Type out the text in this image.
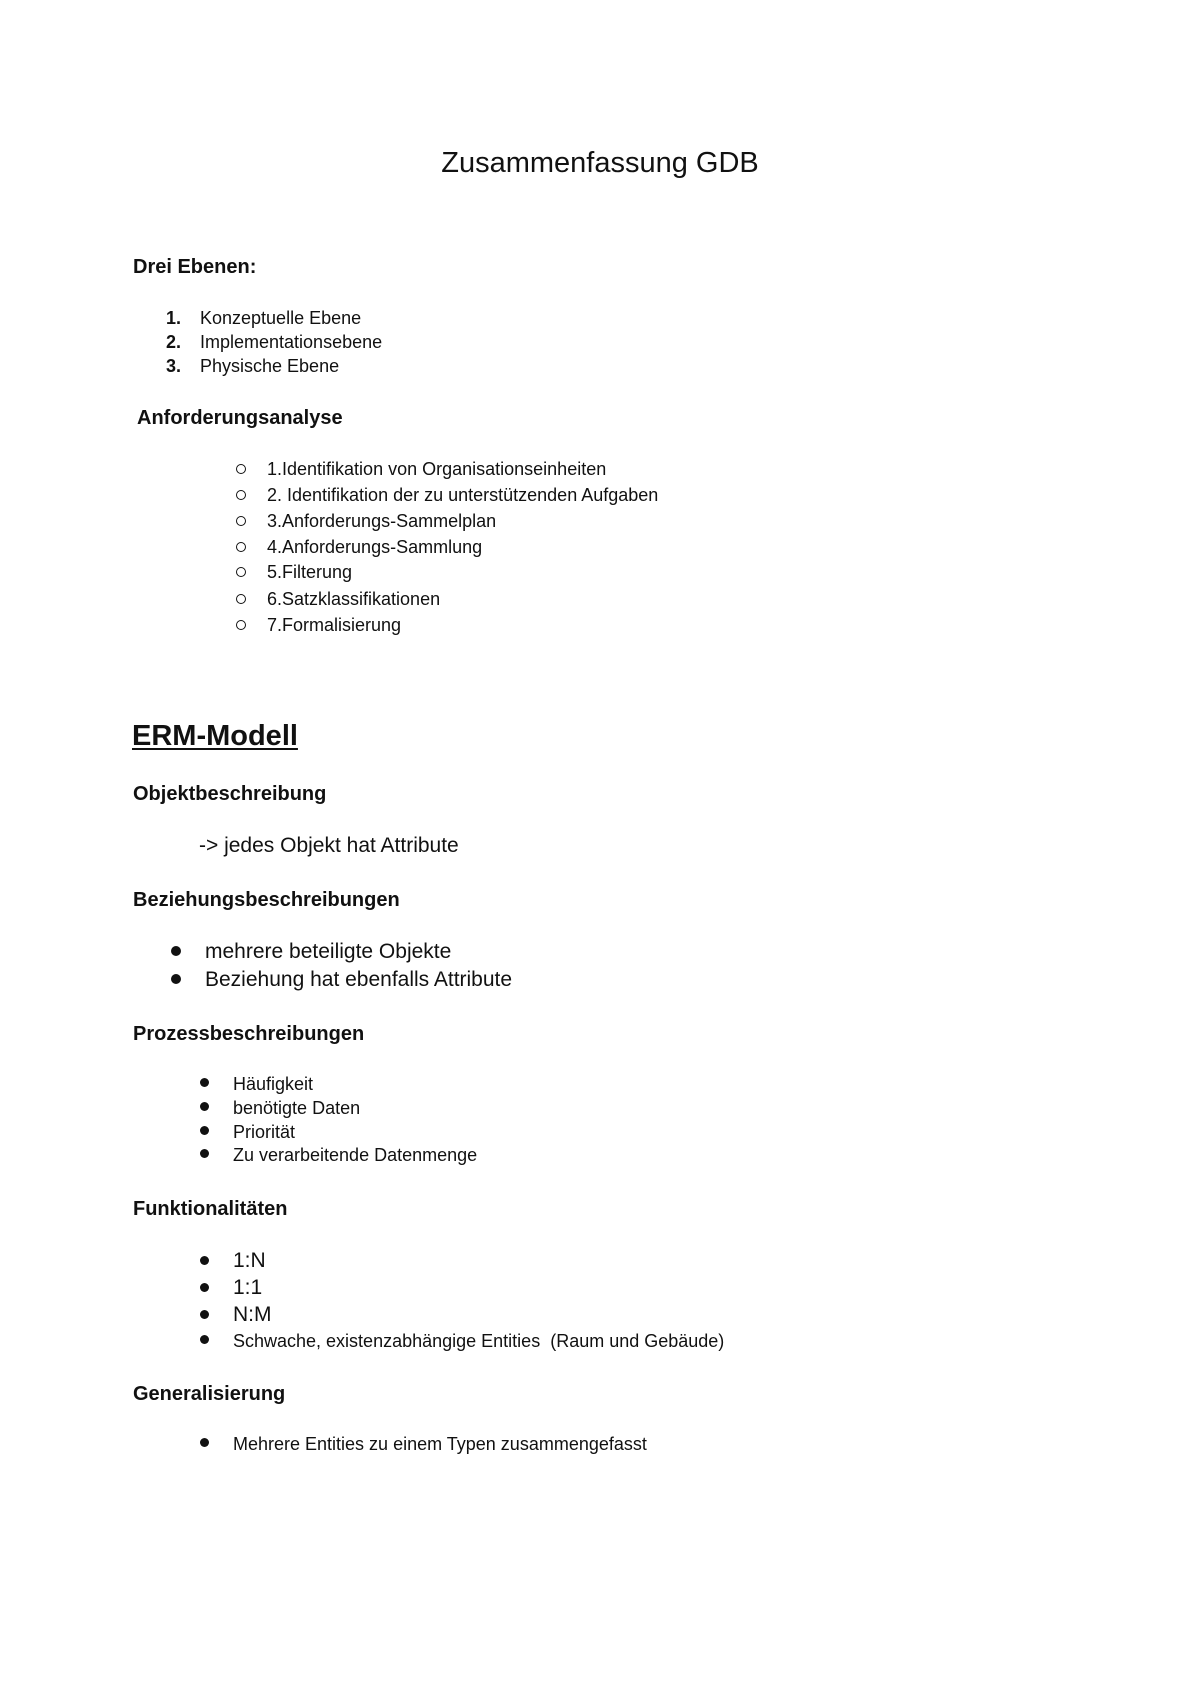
Zusammenfassung GDB
Drei Ebenen:
1. Konzeptuelle Ebene
2. Implementationsebene
3. Physische Ebene
Anforderungsanalyse
1.Identifikation von Organisationseinheiten
2. Identifikation der zu unterstützenden Aufgaben
3.Anforderungs-Sammelplan
4.Anforderungs-Sammlung
5.Filterung
6.Satzklassifikationen
7.Formalisierung
ERM-Modell
Objektbeschreibung
-> jedes Objekt hat Attribute
Beziehungsbeschreibungen
mehrere beteiligte Objekte
Beziehung hat ebenfalls Attribute
Prozessbeschreibungen
Häufigkeit
benötigte Daten
Priorität
Zu verarbeitende Datenmenge
Funktionalitäten
1:N
1:1
N:M
Schwache, existenzabhängige Entities  (Raum und Gebäude)
Generalisierung
Mehrere Entities zu einem Typen zusammengefasst
